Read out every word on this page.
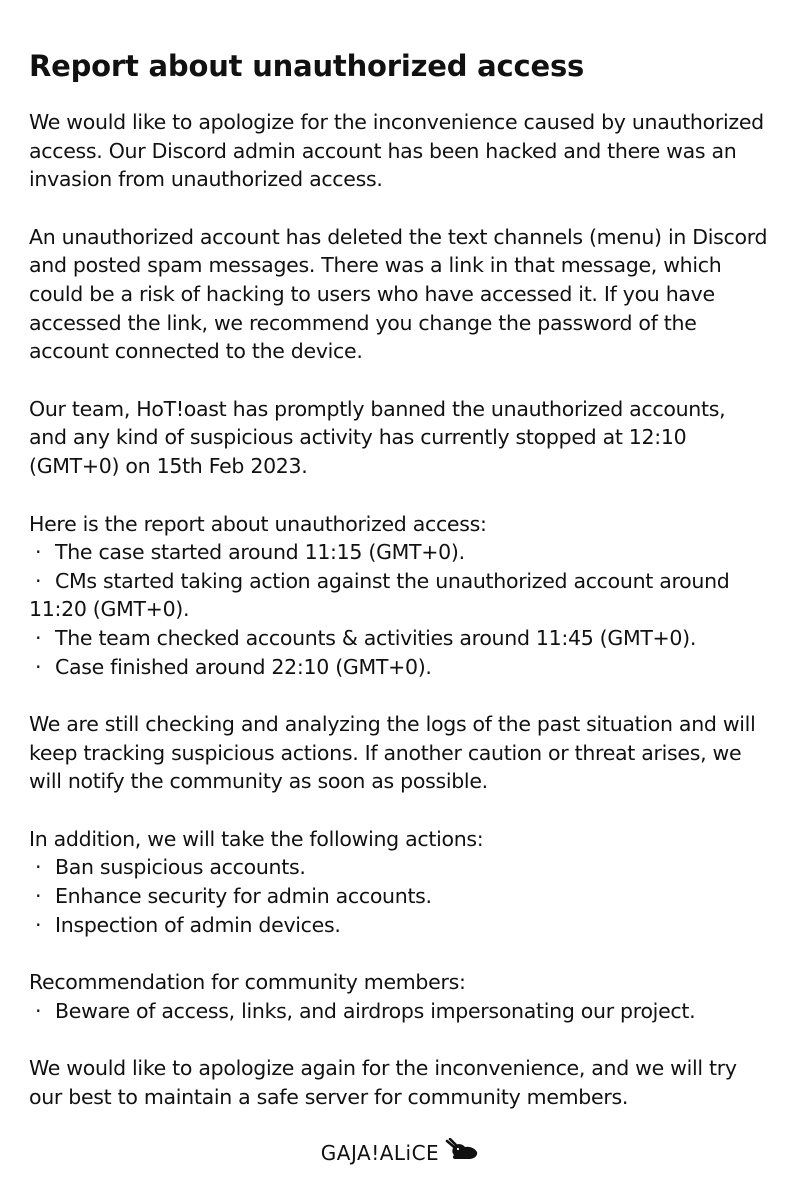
Report about unauthorized access

We would like to apologize for the inconvenience caused by unauthorized
access. Our Discord admin account has been hacked and there was an
invasion from unauthorized access.

An unauthorized account has deleted the text channels (menu) in Discord
and posted spam messages. There was a link in that message, which
could be a risk of hacking to users who have accessed it. If you have
accessed the link, we recommend you change the password of the
account connected to the device.

Our team, HoT!oast has promptly banned the unauthorized accounts,
and any kind of suspicious activity has currently stopped at 12:10
(GMT+0) on 15th Feb 2023.

Here is the report about unauthorized access:
· The case started around 11:15 (GMT+0).
· CMs started taking action against the unauthorized account around
11:20 (GMT+0).
· The team checked accounts & activities around 11:45 (GMT+0).
· Case finished around 22:10 (GMT+0).

We are still checking and analyzing the logs of the past situation and will
keep tracking suspicious actions. If another caution or threat arises, we
will notify the community as soon as possible.

In addition, we will take the following actions:
· Ban suspicious accounts.
· Enhance security for admin accounts.
· Inspection of admin devices.

Recommendation for community members:
· Beware of access, links, and airdrops impersonating our project.

We would like to apologize again for the inconvenience, and we will try
our best to maintain a safe server for community members.

GAJA!ALiCE
